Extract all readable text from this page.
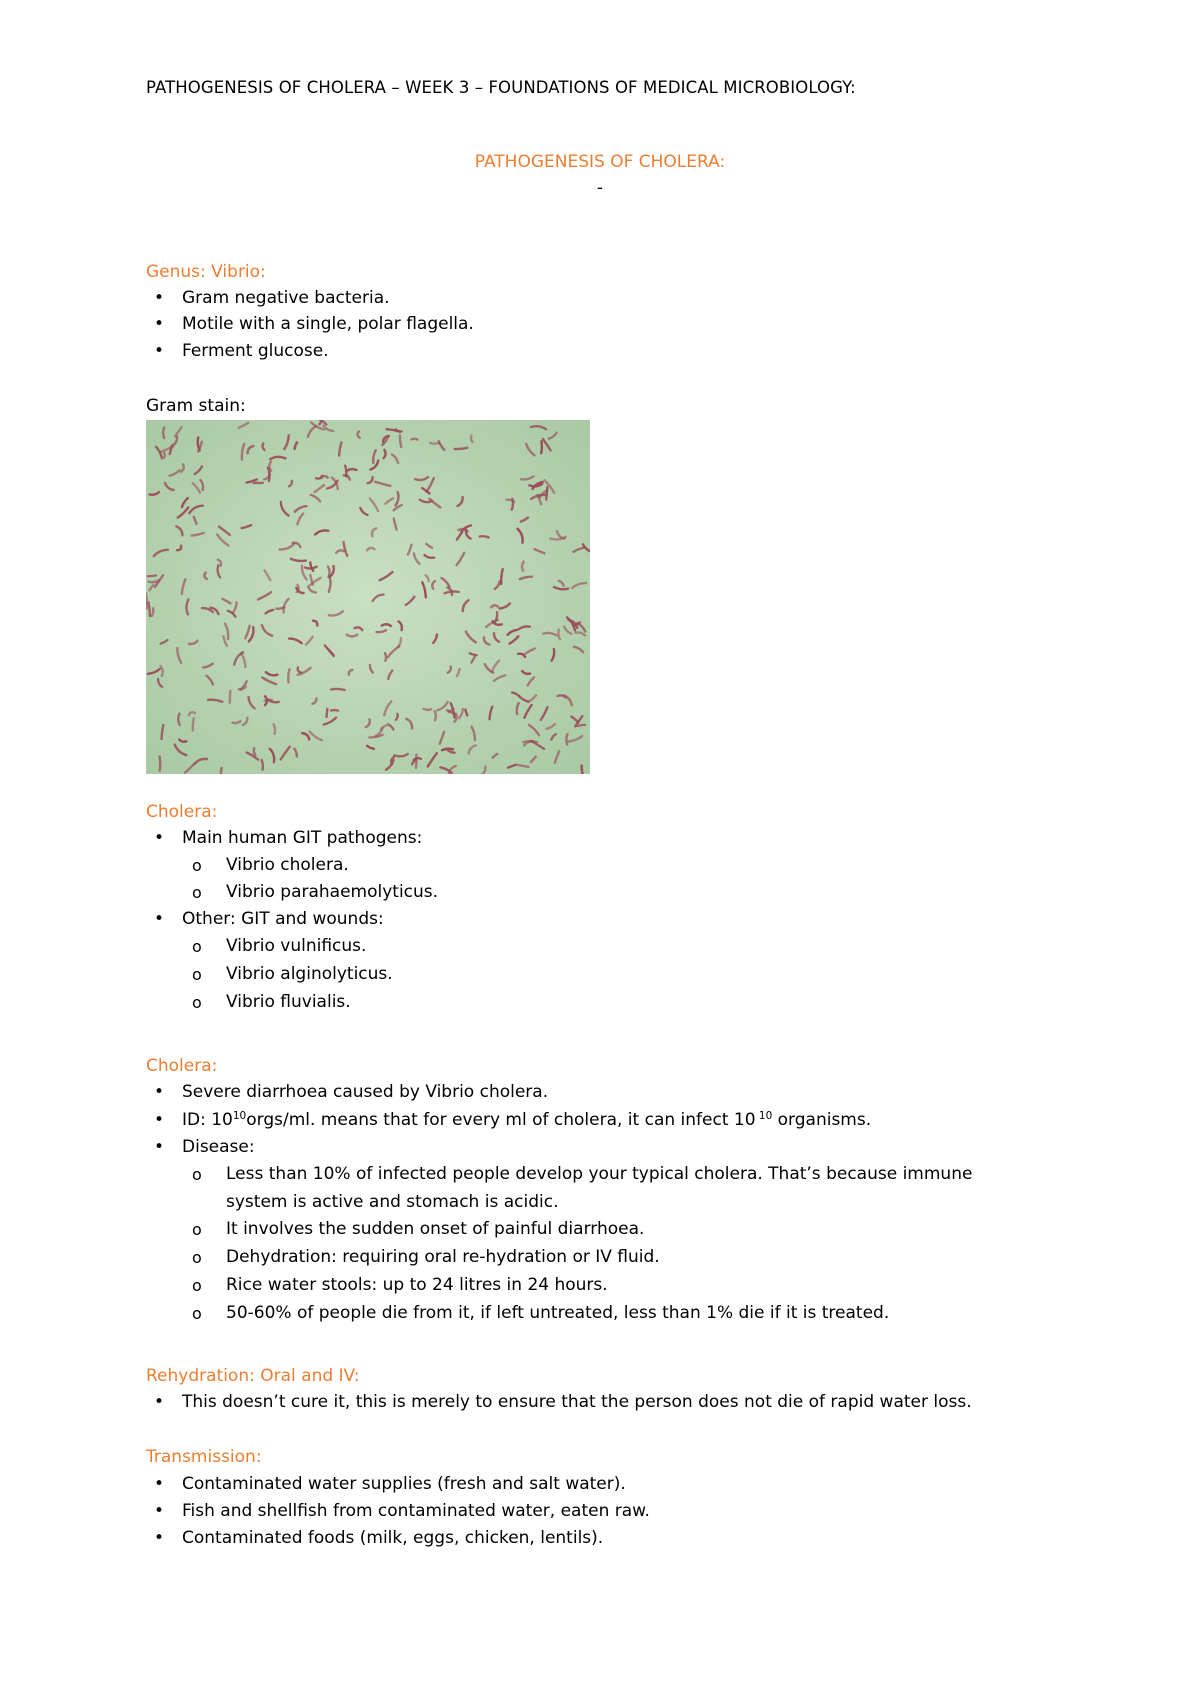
PATHOGENESIS OF CHOLERA – WEEK 3 – FOUNDATIONS OF MEDICAL MICROBIOLOGY:
PATHOGENESIS OF CHOLERA:
-
Genus: Vibrio:
• Gram negative bacteria.
• Motile with a single, polar flagella.
• Ferment glucose.
Gram stain:
Cholera:
• Main human GIT pathogens:
o Vibrio cholera.
o Vibrio parahaemolyticus.
• Other: GIT and wounds:
o Vibrio vulnificus.
o Vibrio alginolyticus.
o Vibrio fluvialis.
Cholera:
• Severe diarrhoea caused by Vibrio cholera.
• ID: $10^{10}orgs/ml$. means that for every ml of cholera, it can infect 10 $^{10}$ organisms.
• Disease:
o Less than 10% of infected people develop your typical cholera. That’s because immune
system is active and stomach is acidic.
o It involves the sudden onset of painful diarrhoea.
o Dehydration: requiring oral re-hydration or IV fluid.
o Rice water stools: up to 24 litres in 24 hours.
o 50-60% of people die from it, if left untreated, less than 1% die if it is treated.
Rehydration: Oral and IV:
• This doesn’t cure it, this is merely to ensure that the person does not die of rapid water loss.
Transmission:
• Contaminated water supplies (fresh and salt water).
• Fish and shellfish from contaminated water, eaten raw.
• Contaminated foods (milk, eggs, chicken, lentils).
